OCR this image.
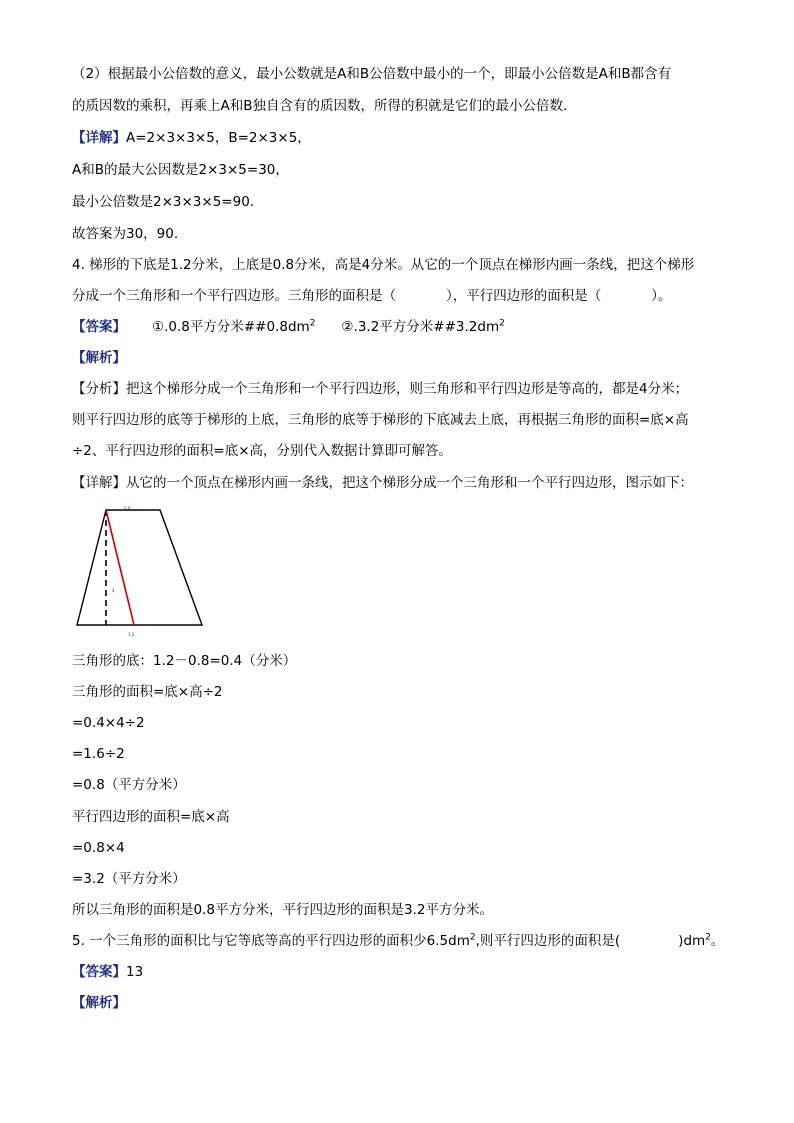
（2）根据最小公倍数的意义，最小公数就是A和B公倍数中最小的一个，即最小公倍数是A和B都含有
的质因数的乘积，再乘上A和B独自含有的质因数，所得的积就是它们的最小公倍数.
【详解】A=2×3×3×5，B=2×3×5，
A和B的最大公因数是2×3×5=30，
最小公倍数是2×3×3×5=90.
故答案为30，90.
4. 梯形的下底是1.2分米，上底是0.8分米，高是4分米。从它的一个顶点在梯形内画一条线，把这个梯形
分成一个三角形和一个平行四边形。三角形的面积是（	），平行四边形的面积是（	）。
【答案】 ①.0.8平方分米$\#\#0.8dm^2$ ②.3.2平方分米$\#\#3.2dm^2$
【解析】
【分析】把这个梯形分成一个三角形和一个平行四边形，则三角形和平行四边形是等高的，都是4分米；
则平行四边形的底等于梯形的上底，三角形的底等于梯形的下底减去上底，再根据三角形的面积=底×高
÷2、平行四边形的面积=底×高，分别代入数据计算即可解答。
【详解】从它的一个顶点在梯形内画一条线，把这个梯形分成一个三角形和一个平行四边形，图示如下：
0.8
4
1.2
三角形的底：1.2－0.8=0.4（分米）
三角形的面积=底×高÷2
=0.4×4÷2
=1.6÷2
=0.8（平方分米）
平行四边形的面积=底×高
=0.8×4
=3.2（平方分米）
所以三角形的面积是0.8平方分米，平行四边形的面积是3.2平方分米。
5. 一个三角形的面积比与它等底等高的平行四边形的面积少$6.5dm^2$,则平行四边形的面积是(	)$dm^2$。
【答案】13
【解析】
